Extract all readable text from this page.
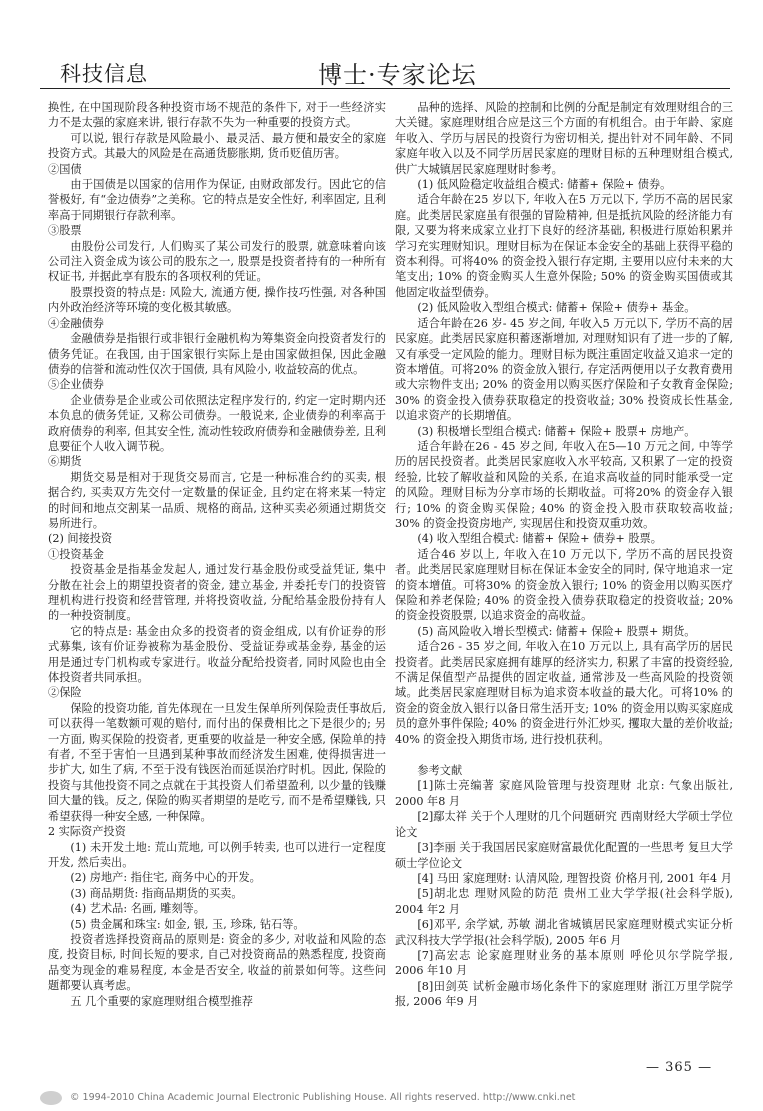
科技信息	博士·专家论坛

换性, 在中国现阶段各种投资市场不规范的条件下, 对于一些经济实力不是太强的家庭来讲, 银行存款不失为一种重要的投资方式。

可以说, 银行存款是风险最小、最灵活、最方便和最安全的家庭投资方式。其最大的风险是在高通货膨胀期, 货币贬值历害。

②国债

由于国债是以国家的信用作为保证, 由财政部发行。因此它的信誉极好, 有“金边债券”之美称。它的特点是安全性好, 利率固定, 且利率高于同期银行存款利率。

③股票

由股份公司发行, 人们购买了某公司发行的股票, 就意味着向该公司注入资金成为该公司的股东之一, 股票是投资者持有的一种所有权证书, 并据此享有股东的各项权利的凭证。

股票投资的特点是: 风险大, 流通方便, 操作技巧性强, 对各种国内外政治经济等环境的变化极其敏感。

④金融债券

金融债券是指银行或非银行金融机构为筹集资金向投资者发行的债务凭证。在我国, 由于国家银行实际上是由国家做担保, 因此金融债券的信誉和流动性仅次于国债, 具有风险小, 收益较高的优点。

⑤企业债券

企业债券是企业或公司依照法定程序发行的, 约定一定时期内还本负息的债务凭证, 又称公司债券。一般说来, 企业债券的利率高于政府债券的利率, 但其安全性, 流动性较政府债券和金融债券差, 且利息要征个人收入调节税。

⑥期货

期货交易是相对于现货交易而言, 它是一种标准合约的买卖, 根据合约, 买卖双方先交付一定数量的保证金, 且约定在将来某一特定的时间和地点交割某一品质、规格的商品, 这种买卖必须通过期货交易所进行。

(2) 间接投资
①投资基金

投资基金是指基金发起人, 通过发行基金股份或受益凭证, 集中分散在社会上的期望投资者的资金, 建立基金, 并委托专门的投资管理机构进行投资和经营管理, 并将投资收益, 分配给基金股份持有人的一种投资制度。

它的特点是: 基金由众多的投资者的资金组成, 以有价证券的形式募集, 该有价证券被称为基金股份、受益证券或基金券, 基金的运用是通过专门机构或专家进行。收益分配给投资者, 同时风险也由全体投资者共同承担。

②保险

保险的投资功能, 首先体现在一旦发生保单所列保险责任事故后, 可以获得一笔数额可观的赔付, 而付出的保费相比之下是很少的; 另一方面, 购买保险的投资者, 更重要的收益是一种安全感, 保险单的持有者, 不至于害怕一旦遇到某种事故而经济发生困难, 使得损害进一步扩大, 如生了病, 不至于没有钱医治而延误治疗时机。因此, 保险的投资与其他投资不同之点就在于其投资人们希望盈利, 以少量的钱赚回大量的钱。反之, 保险的购买者期望的是吃亏, 而不是希望赚钱, 只希望获得一种安全感, 一种保障。

2 实际资产投资

(1) 未开发土地: 荒山荒地, 可以例手转卖, 也可以进行一定程度开发, 然后卖出。

(2) 房地产: 指住宅, 商务中心的开发。

(3) 商品期货: 指商品期货的买卖。

(4) 艺术品: 名画, 雕刻等。

(5) 贵金属和珠宝: 如金, 银, 玉, 珍珠, 钻石等。

投资者选择投资商品的原则是: 资金的多少, 对收益和风险的态度, 投资目标, 时间长短的要求, 自己对投资商品的熟悉程度, 投资商品变为现金的难易程度, 本金是否安全, 收益的前景如何等。这些问题都要认真考虑。

五 几个重要的家庭理财组合模型推荐

品种的选择、风险的控制和比例的分配是制定有效理财组合的三大关键。家庭理财组合应是这三个方面的有机组合。由于年龄、家庭年收入、学历与居民的投资行为密切相关, 提出针对不同年龄、不同家庭年收入以及不同学历居民家庭的理财目标的五种理财组合模式, 供广大城镇居民家庭理财时参考。

(1) 低风险稳定收益组合模式: 储蓄+ 保险+ 债券。

适合年龄在25 岁以下, 年收入在5 万元以下, 学历不高的居民家庭。此类居民家庭虽有很强的冒险精神, 但是抵抗风险的经济能力有限, 又要为将来成家立业打下良好的经济基础, 积极进行原始积累并学习充实理财知识。理财目标为在保证本金安全的基础上获得平稳的资本利得。可将40% 的资金投入银行存定期, 主要用以应付未来的大笔支出; 10% 的资金购买人生意外保险; 50% 的资金购买国债或其他固定收益型债券。

(2) 低风险收入型组合模式: 储蓄+ 保险+ 债券+ 基金。

适合年龄在26 岁- 45 岁之间, 年收入5 万元以下, 学历不高的居民家庭。此类居民家庭积蓄逐渐增加, 对理财知识有了进一步的了解, 又有承受一定风险的能力。理财目标为既注重固定收益又追求一定的资本增值。可将20% 的资金放入银行, 存定活两便用以子女教育费用或大宗物件支出; 20% 的资金用以购买医疗保险和子女教育金保险; 30% 的资金投入债券获取稳定的投资收益; 30% 投资成长性基金, 以追求资产的长期增值。

(3) 积极增长型组合模式: 储蓄+ 保险+ 股票+ 房地产。

适合年龄在26 - 45 岁之间, 年收入在5—10 万元之间, 中等学历的居民投资者。此类居民家庭收入水平较高, 又积累了一定的投资经验, 比较了解收益和风险的关系, 在追求高收益的同时能承受一定的风险。理财目标为分享市场的长期收益。可将20% 的资金存入银行; 10% 的资金购买保险; 40% 的资金投入股市获取较高收益; 30% 的资金投资房地产, 实现居住和投资双重功效。

(4) 收入型组合模式: 储蓄+ 保险+ 债券+ 股票。

适合46 岁以上, 年收入在10 万元以下, 学历不高的居民投资者。此类居民家庭理财目标在保证本金安全的同时, 保守地追求一定的资本增值。可将30% 的资金放入银行; 10% 的资金用以购买医疗保险和养老保险; 40% 的资金投入债券获取稳定的投资收益; 20% 的资金投资股票, 以追求资金的高收益。

(5) 高风险收入增长型模式: 储蓄+ 保险+ 股票+ 期货。

适合26 - 35 岁之间, 年收入在10 万元以上, 具有高学历的居民投资者。此类居民家庭拥有雄厚的经济实力, 积累了丰富的投资经验, 不满足保值型产品提供的固定收益, 通常涉及一些高风险的投资领域。此类居民家庭理财目标为追求资本收益的最大化。可将10% 的资金的资金放入银行以备日常生活开支; 10% 的资金用以购买家庭成员的意外事件保险; 40% 的资金进行外汇炒买, 攫取大量的差价收益; 40% 的资金投入期货市场, 进行投机获利。

参考文献

[1]陈士亮编著 家庭风险管理与投资理财 北京: 气象出版社, 2000 年8 月

[2]鄢太祥 关于个人理财的几个问题研究 西南财经大学硕士学位论文

[3]李丽 关于我国居民家庭财富最优化配置的一些思考 复旦大学 硕士学位论文

[4] 马田 家庭理财: 认清风险, 理智投资 价格月刊, 2001 年4 月

[5]胡北忠 理财风险的防范 贵州工业大学学报(社会科学版), 2004 年2 月

[6]邓平, 余学斌, 苏敏 湖北省城镇居民家庭理财模式实证分析 武汉科技大学学报(社会科学版), 2005 年6 月

[7]高宏志 论家庭理财业务的基本原则 呼伦贝尔学院学报, 2006 年10 月

[8]田剑英 试析金融市场化条件下的家庭理财 浙江万里学院学报, 2006 年9 月

— 365 —
© 1994-2010 China Academic Journal Electronic Publishing House. All rights reserved. http://www.cnki.net
